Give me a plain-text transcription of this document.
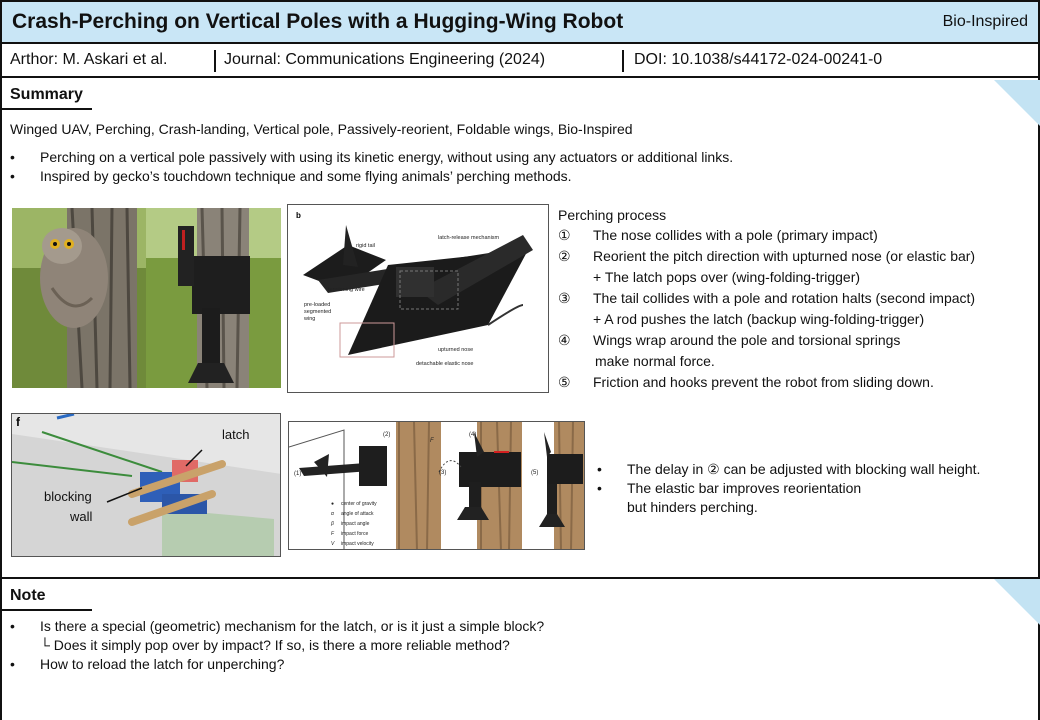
Crash-Perching on Vertical Poles with a Hugging-Wing Robot	Bio-Inspired
Arthor: M. Askari et al.	Journal: Communications Engineering (2024)	DOI: 10.1038/s44172-024-00241-0
Summary
Winged UAV, Perching, Crash-landing, Vertical pole, Passively-reorient, Foldable wings, Bio-Inspired
• Perching on a vertical pole passively with using its kinetic energy, without using any actuators or additional links.
• Inspired by gecko’s touchdown technique and some flying animals’ perching methods.
b
rigid tail
latch-release mechanism
tensioning wire
pre-loaded
segmented
wing
upturned nose
detachable elastic nose
Perching process
①	The nose collides with a pole (primary impact)
②	Reorient the pitch direction with upturned nose (or elastic bar)
+ The latch pops over (wing-folding-trigger)
③	The tail collides with a pole and rotation halts (second impact)
+ A rod pushes the latch (backup wing-folding-trigger)
④	Wings wrap around the pole and torsional springs
make normal force.
⑤	Friction and hooks prevent the robot from sliding down.
f
latch
blocking
wall
(1)
(2)
(3)
(4)
(5)
F
● center of gravity
α angle of attack
β impact angle
F impact force
V impact velocity
• The delay in ② can be adjusted with blocking wall height.
• The elastic bar improves reorientation
but hinders perching.
Note
• Is there a special (geometric) mechanism for the latch, or is it just a simple block?
└ Does it simply pop over by impact? If so, is there a more reliable method?
• How to reload the latch for unperching?
